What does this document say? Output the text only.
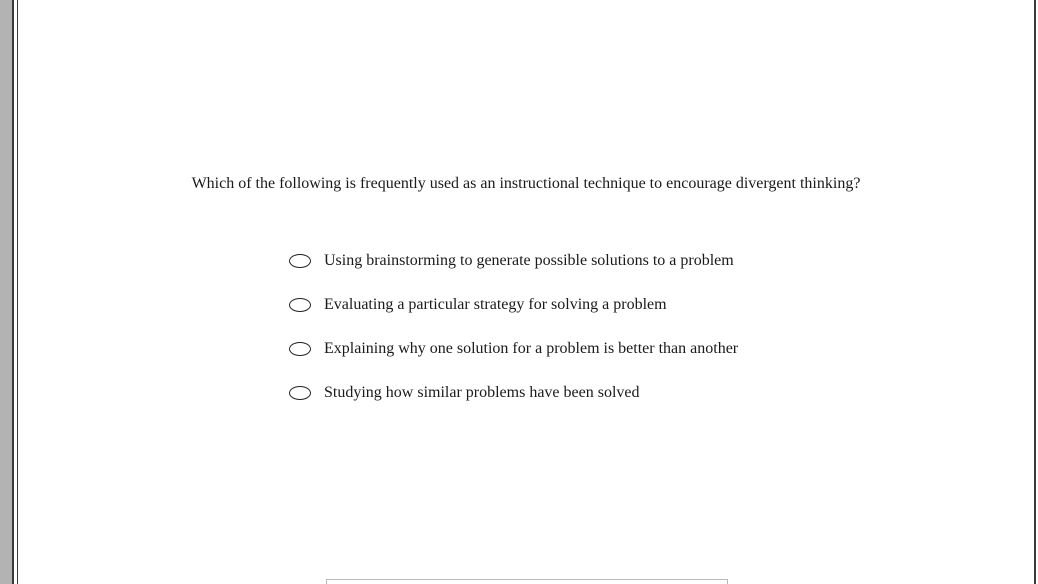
Which of the following is frequently used as an instructional technique to encourage divergent thinking?
Using brainstorming to generate possible solutions to a problem
Evaluating a particular strategy for solving a problem
Explaining why one solution for a problem is better than another
Studying how similar problems have been solved
